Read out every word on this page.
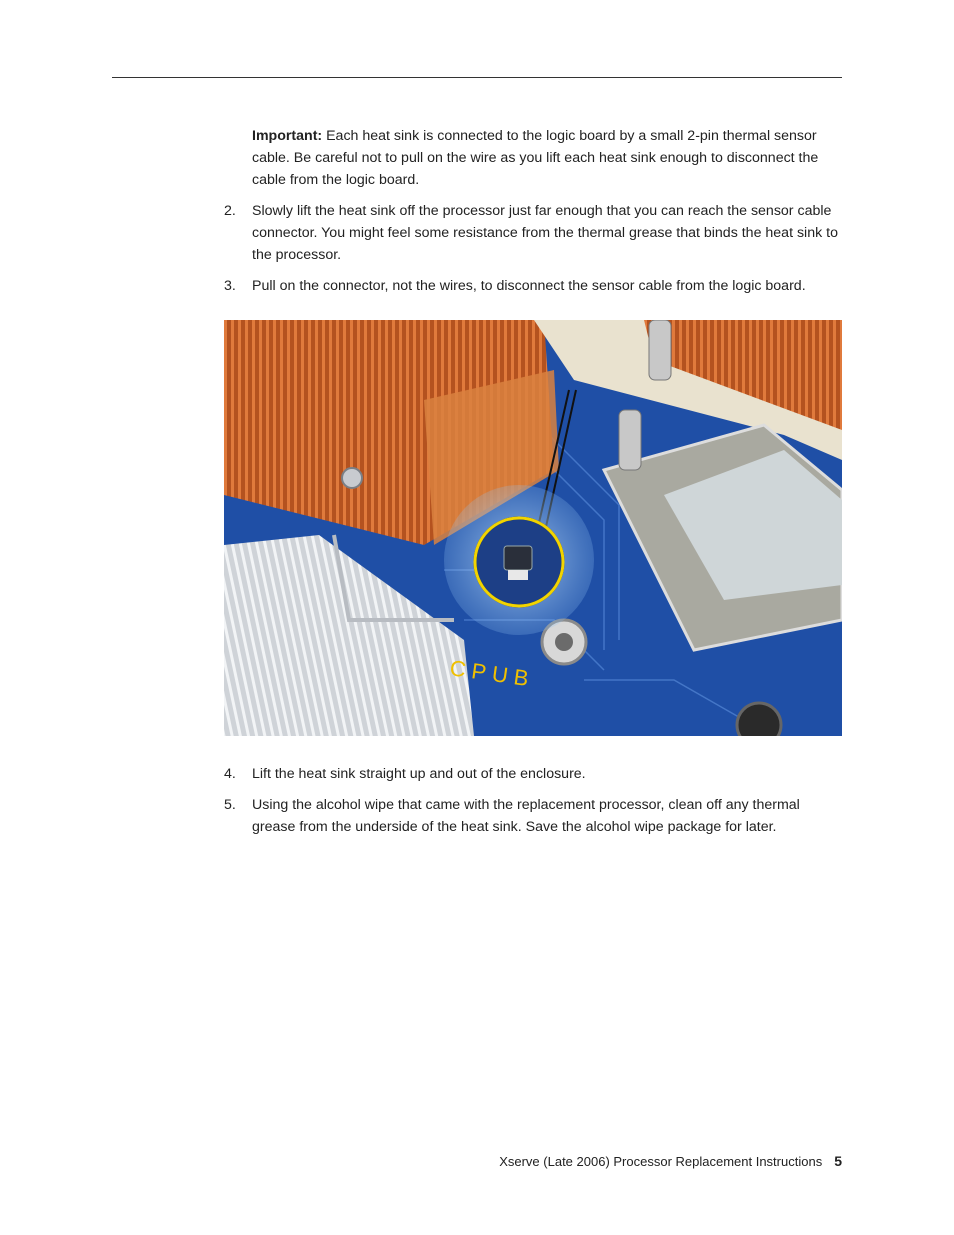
Important: Each heat sink is connected to the logic board by a small 2-pin thermal sensor cable. Be careful not to pull on the wire as you lift each heat sink enough to disconnect the cable from the logic board.

2. Slowly lift the heat sink off the processor just far enough that you can reach the sensor cable connector. You might feel some resistance from the thermal grease that binds the heat sink to the processor.

3. Pull on the connector, not the wires, to disconnect the sensor cable from the logic board.

CPUB
4. Lift the heat sink straight up and out of the enclosure.

5. Using the alcohol wipe that came with the replacement processor, clean off any thermal grease from the underside of the heat sink. Save the alcohol wipe package for later.

Xserve (Late 2006) Processor Replacement Instructions 5
